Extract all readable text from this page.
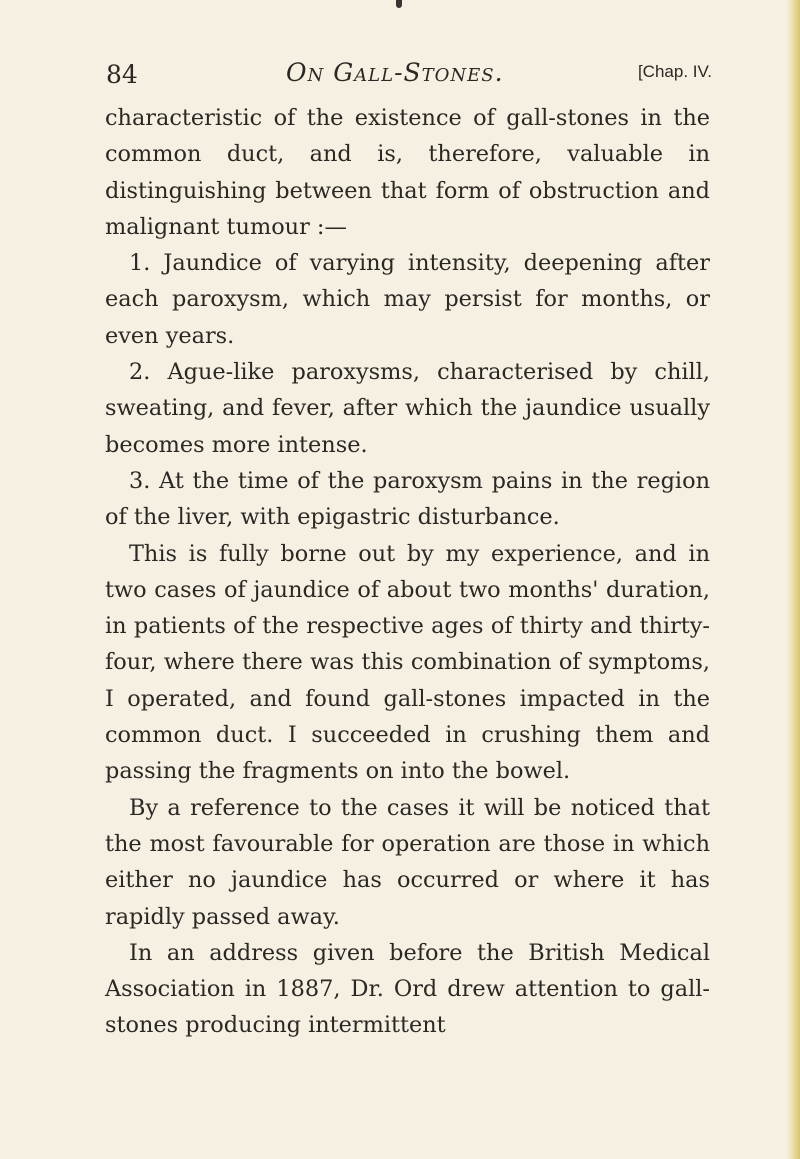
84	On Gall-Stones.	[Chap. IV.

characteristic of the existence of gall-stones in the common duct, and is, therefore, valuable in distinguishing between that form of obstruction and malignant tumour :—

1. Jaundice of varying intensity, deepening after each paroxysm, which may persist for months, or even years.

2. Ague-like paroxysms, characterised by chill, sweating, and fever, after which the jaundice usually becomes more intense.

3. At the time of the paroxysm pains in the region of the liver, with epigastric disturbance.

This is fully borne out by my experience, and in two cases of jaundice of about two months' duration, in patients of the respective ages of thirty and thirty-four, where there was this combination of symptoms, I operated, and found gall-stones impacted in the common duct. I succeeded in crushing them and passing the fragments on into the bowel.

By a reference to the cases it will be noticed that the most favourable for operation are those in which either no jaundice has occurred or where it has rapidly passed away.

In an address given before the British Medical Association in 1887, Dr. Ord drew attention to gall-stones producing intermittent
